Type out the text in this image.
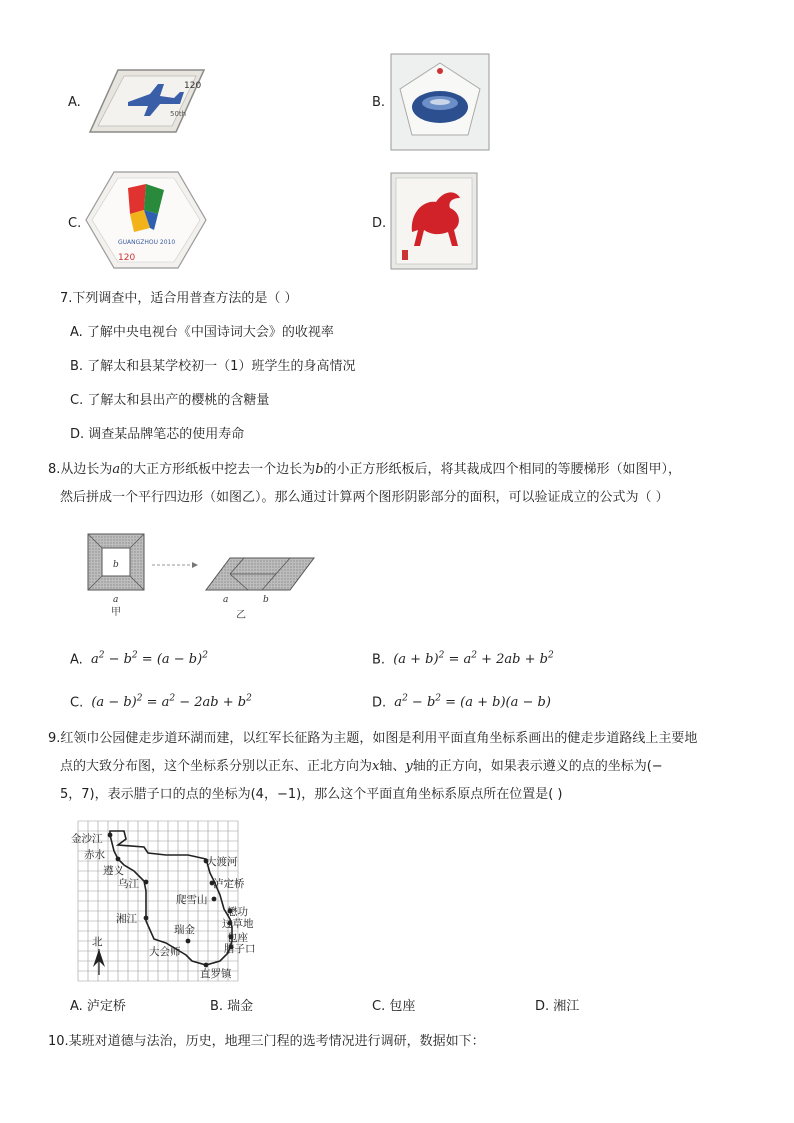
A.
50th
120
B.
C.
GUANGZHOU 2010
120
D.
7.下列调查中，适合用普查方法的是（ ）
A. 了解中央电视台《中国诗词大会》的收视率
B. 了解太和县某学校初一（1）班学生的身高情况
C. 了解太和县出产的樱桃的含糖量
D. 调查某品牌笔芯的使用寿命
8.从边长为a的大正方形纸板中挖去一个边长为b的小正方形纸板后，将其裁成四个相同的等腰梯形（如图甲），
然后拼成一个平行四边形（如图乙）。那么通过计算两个图形阴影部分的面积，可以验证成立的公式为（ ）
b
a
甲
a	b
乙
A. $a^2 - b^2 = (a - b)^2$	B. $(a + b)^2 = a^2 + 2ab + b^2$
C. $(a - b)^2 = a^2 - 2ab + b^2$	D. $a^2 - b^2 = (a + b)(a - b)$
9.红领巾公园健走步道环湖而建，以红军长征路为主题，如图是利用平面直角坐标系画出的健走步道路线上主要地
点的大致分布图，这个坐标系分别以正东、正北方向为x轴、y轴的正方向，如果表示遵义的点的坐标为(−
5，7)，表示腊子口的点的坐标为(4，−1)，那么这个平面直角坐标系原点所在位置是( )
金沙江
赤水
遵义
乌江
湘江
瑞金
大会师
大渡河
泸定桥
爬雪山
懋功
过草地
包座
腊子口
直罗镇
北
A. 泸定桥	B. 瑞金	C. 包座	D. 湘江
10.某班对道德与法治，历史，地理三门程的选考情况进行调研，数据如下：
